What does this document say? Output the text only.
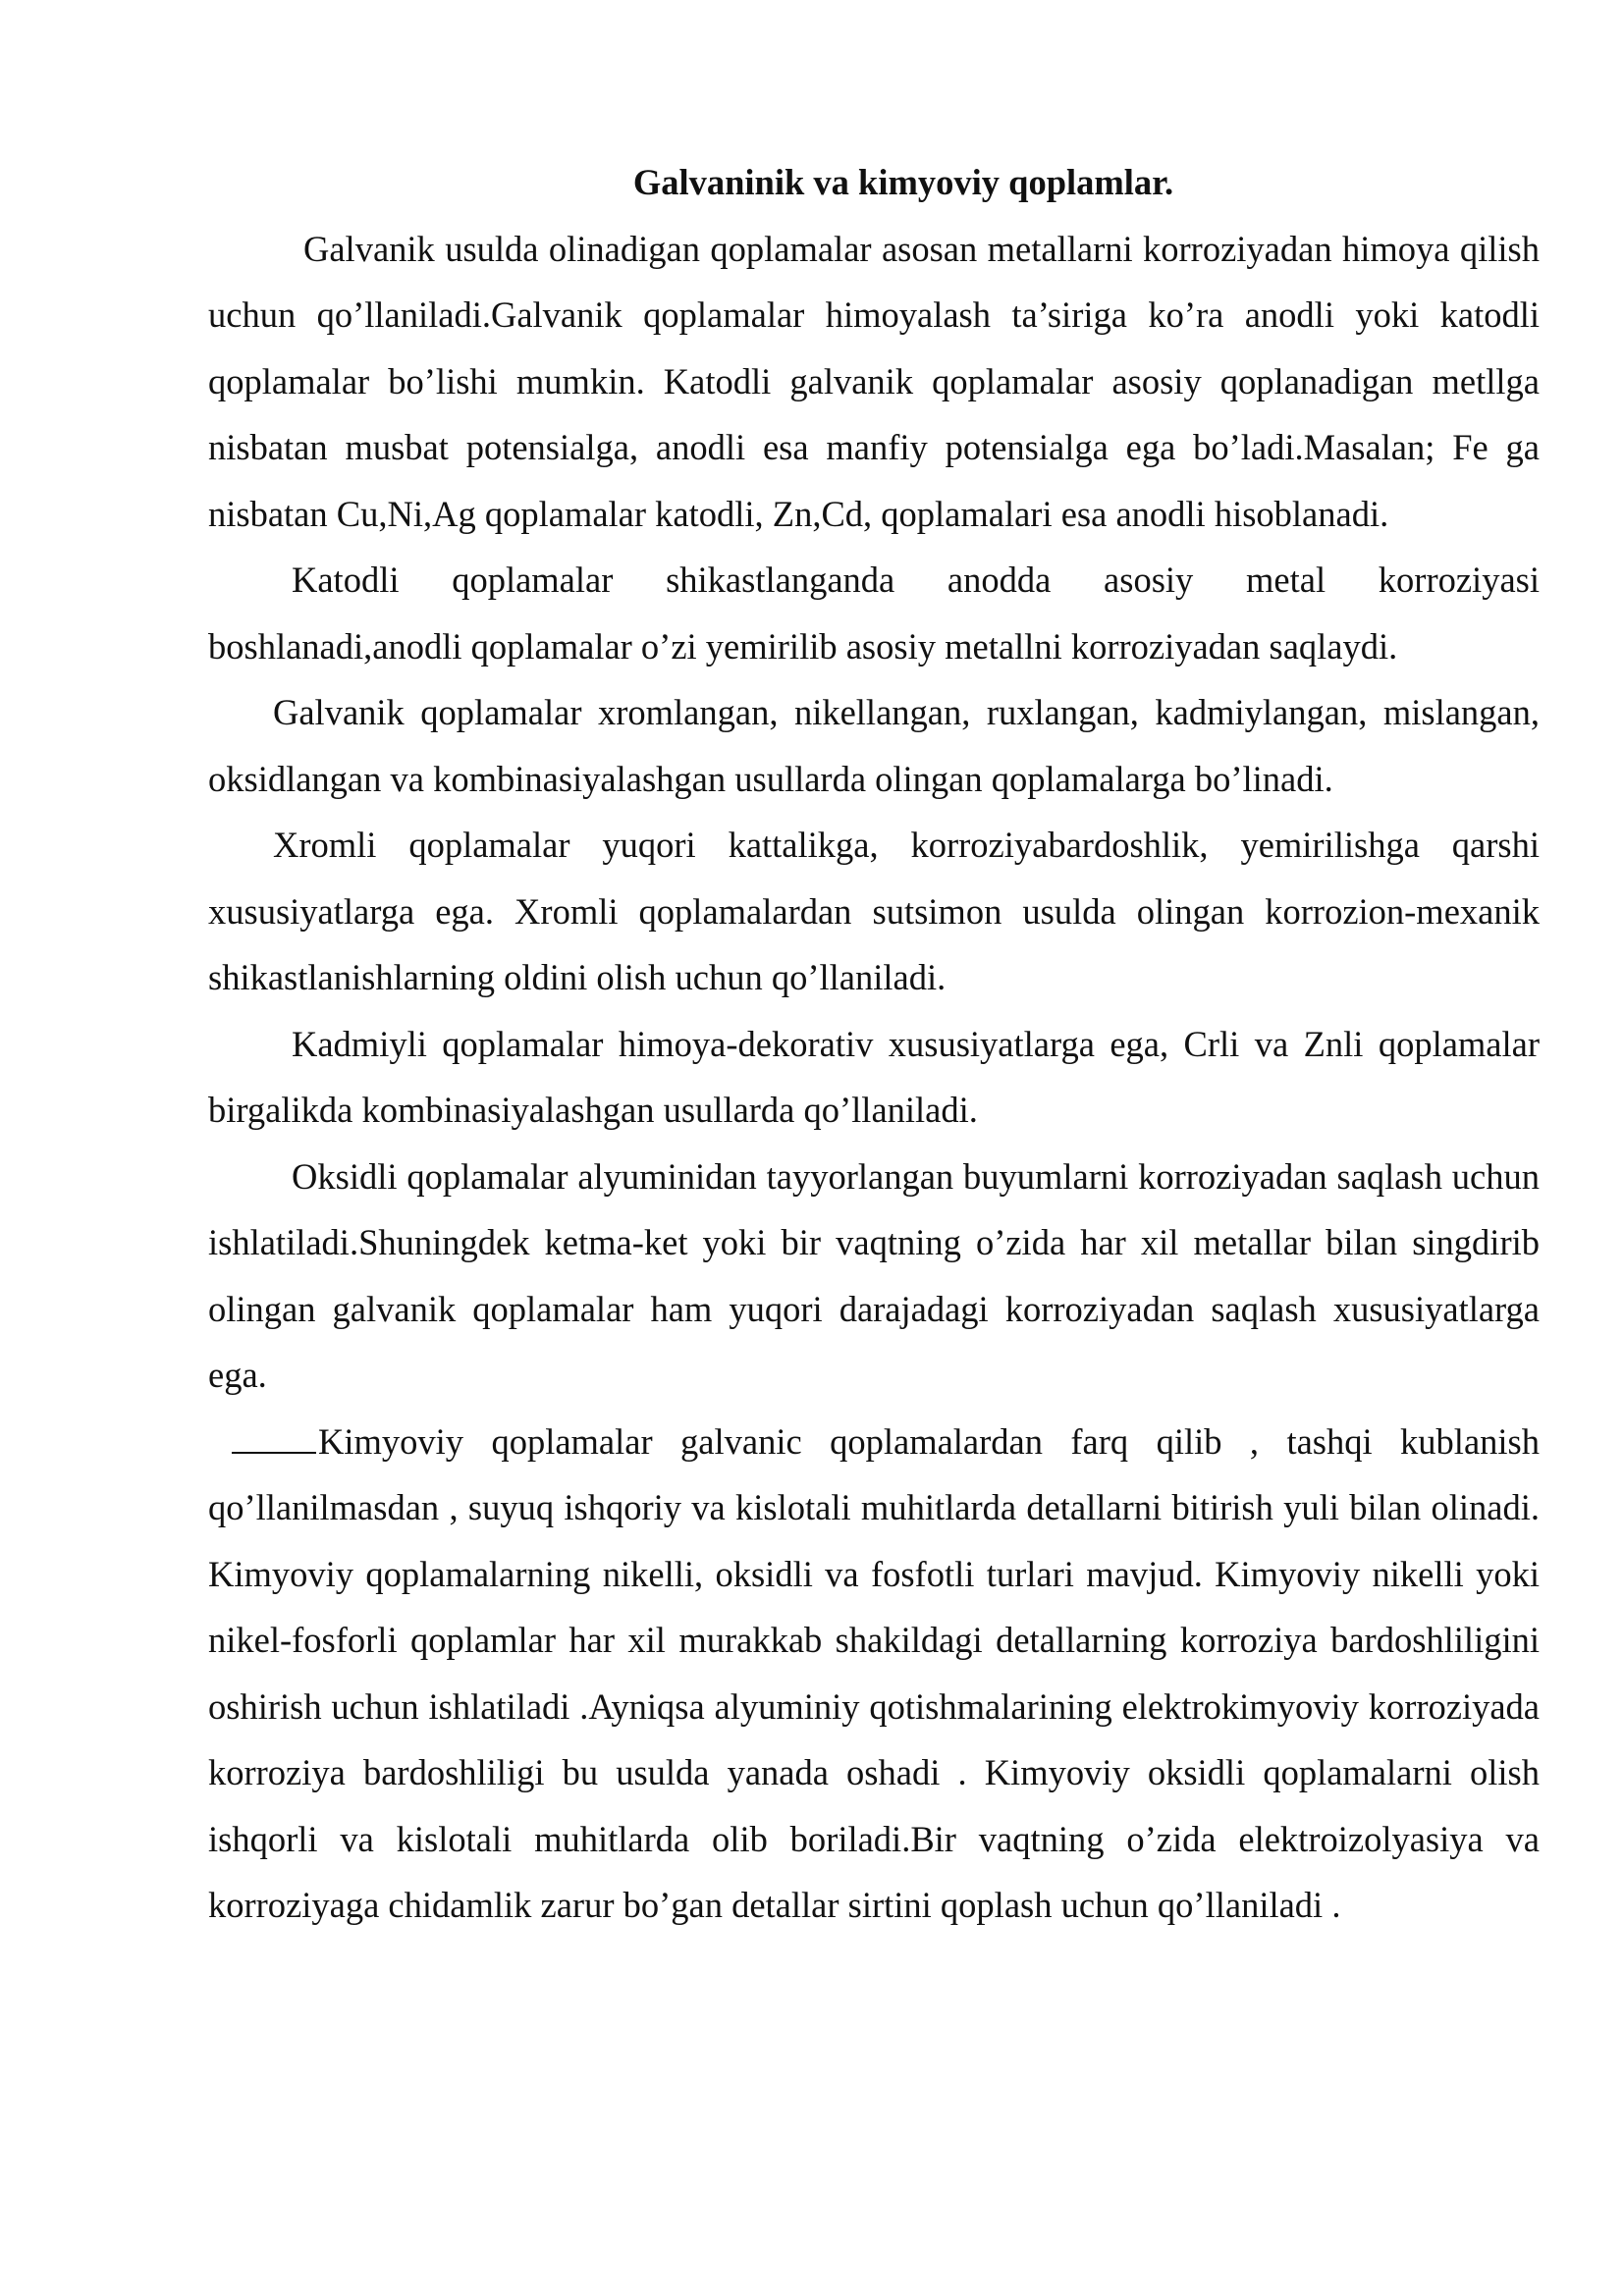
Galvaninik va kimyoviy qoplamlar.

Galvanik usulda olinadigan qoplamalar asosan metallarni korroziyadan himoya qilish uchun qo’llaniladi.Galvanik qoplamalar himoyalash ta’siriga ko’ra anodli yoki katodli qoplamalar bo’lishi mumkin. Katodli galvanik qoplamalar asosiy qoplanadigan metllga nisbatan musbat potensialga, anodli esa manfiy potensialga ega bo’ladi.Masalan; Fe ga nisbatan Cu,Ni,Ag qoplamalar katodli, Zn,Cd, qoplamalari esa anodli hisoblanadi.

Katodli qoplamalar shikastlanganda anodda asosiy metal korroziyasi boshlanadi,anodli qoplamalar o’zi yemirilib asosiy metallni korroziyadan saqlaydi.

Galvanik qoplamalar xromlangan, nikellangan, ruxlangan, kadmiylangan, mislangan, oksidlangan va kombinasiyalashgan usullarda olingan qoplamalarga bo’linadi.

Xromli qoplamalar yuqori kattalikga, korroziyabardoshlik, yemirilishga qarshi xususiyatlarga ega. Xromli qoplamalardan sutsimon usulda olingan korrozion-mexanik shikastlanishlarning oldini olish uchun qo’llaniladi.

Kadmiyli qoplamalar himoya-dekorativ xususiyatlarga ega, Crli va Znli qoplamalar birgalikda kombinasiyalashgan usullarda qo’llaniladi.

Oksidli qoplamalar alyuminidan tayyorlangan buyumlarni korroziyadan saqlash uchun ishlatiladi.Shuningdek ketma-ket yoki bir vaqtning o’zida har xil metallar bilan singdirib olingan galvanik qoplamalar ham yuqori darajadagi korroziyadan saqlash xususiyatlarga ega.

Kimyoviy qoplamalar galvanic qoplamalardan farq qilib , tashqi kublanish qo’llanilmasdan , suyuq ishqoriy va kislotali muhitlarda detallarni bitirish yuli bilan olinadi. Kimyoviy qoplamalarning nikelli, oksidli va fosfotli turlari mavjud. Kimyoviy nikelli yoki nikel-fosforli qoplamlar har xil murakkab shakildagi detallarning korroziya bardoshliligini oshirish uchun ishlatiladi .Ayniqsa alyuminiy qotishmalarining elektrokimyoviy korroziyada korroziya bardoshliligi bu usulda yanada oshadi . Kimyoviy oksidli qoplamalarni olish ishqorli va kislotali muhitlarda olib boriladi.Bir vaqtning o’zida elektroizolyasiya va korroziyaga chidamlik zarur bo’gan detallar sirtini qoplash uchun qo’llaniladi .
